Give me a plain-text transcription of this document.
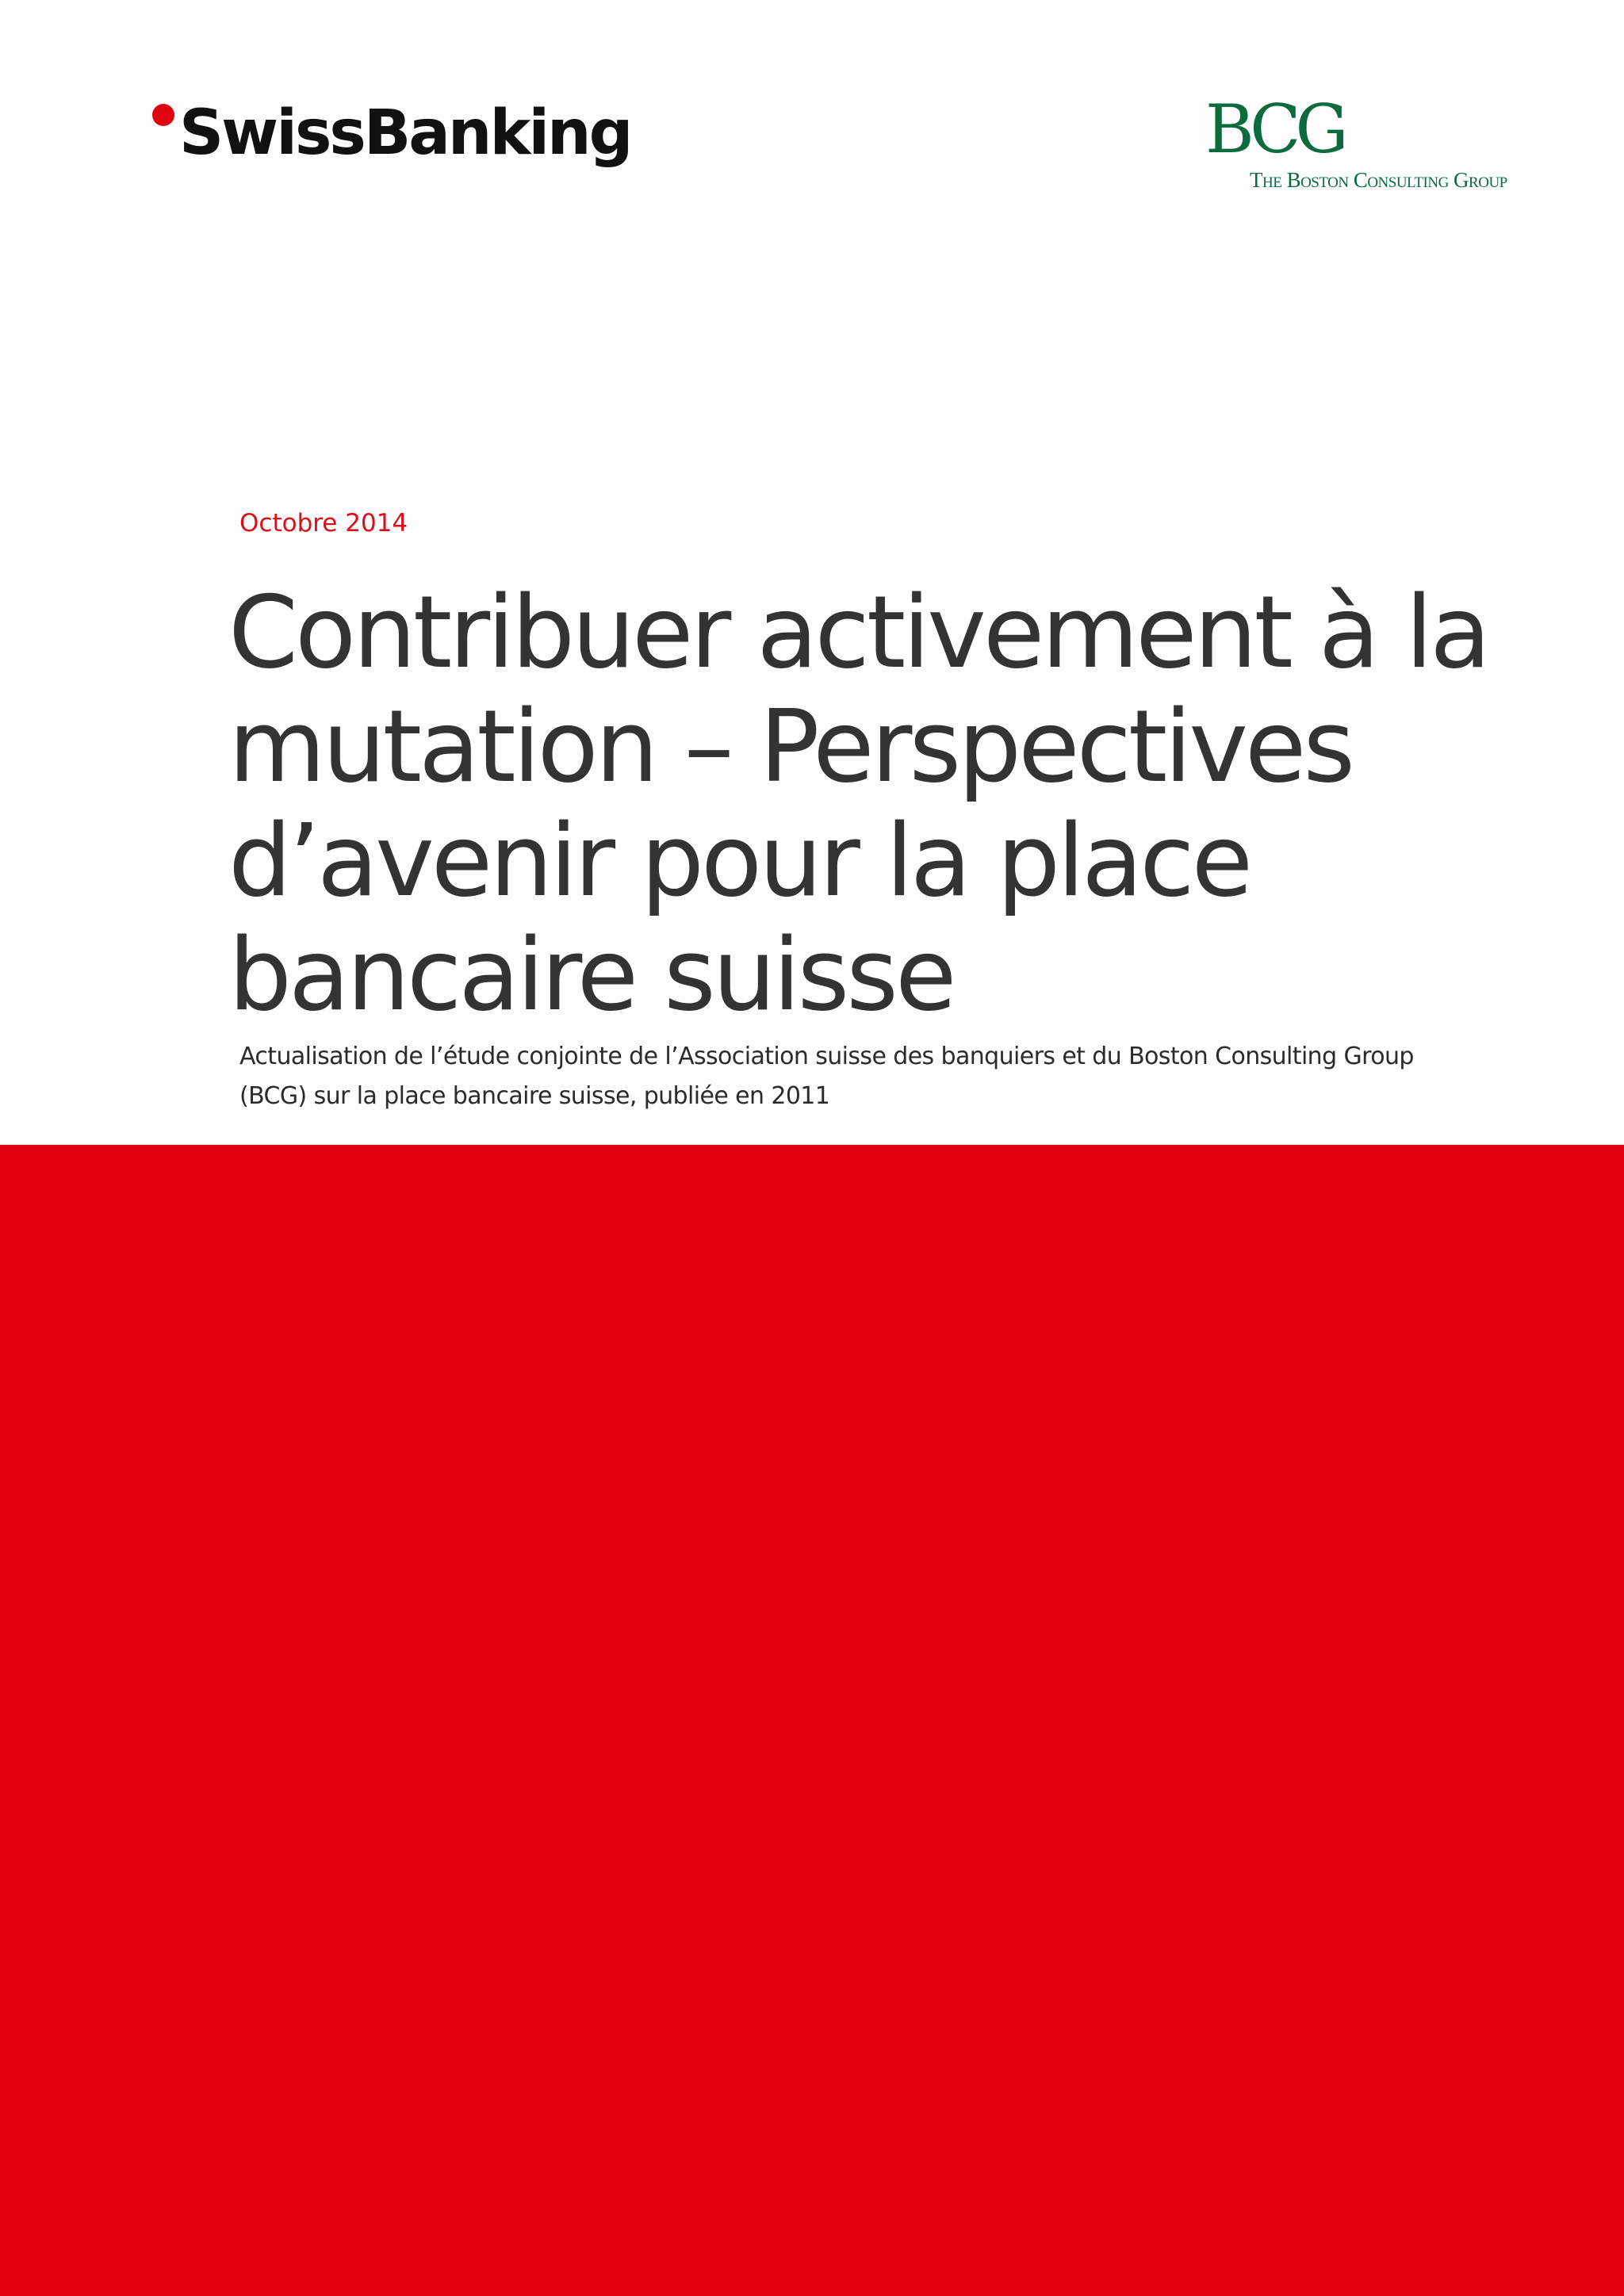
SwissBanking	BCG
The Boston Consulting Group
Octobre 2014
Contribuer activement à la mutation – Perspectives d’avenir pour la place bancaire suisse

Actualisation de l’étude conjointe de l’Association suisse des banquiers et du Boston Consulting Group (BCG) sur la place bancaire suisse, publiée en 2011
